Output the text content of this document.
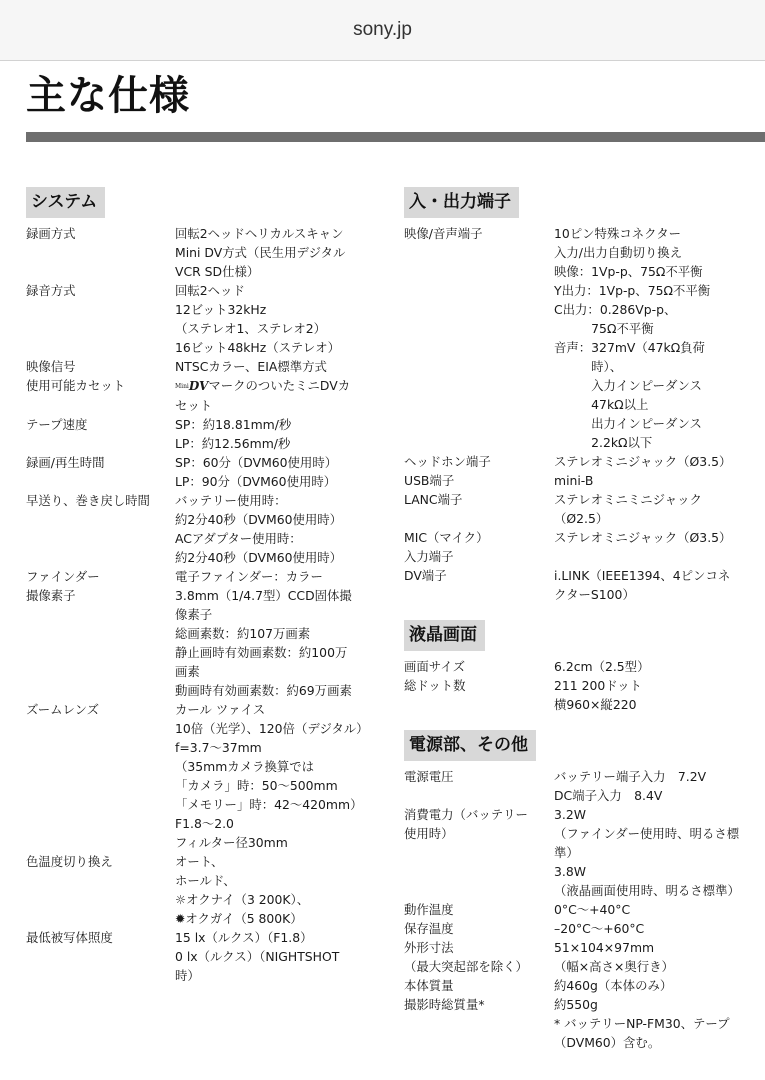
sony.jp
主な仕様
システム
録画方式	回転2ヘッドヘリカルスキャン
Mini DV方式（民生用デジタル
VCR SD仕様）
録音方式	回転2ヘッド
12ビット32kHz
（ステレオ1、ステレオ2）
16ビット48kHz（ステレオ）
映像信号	NTSCカラー、EIA標準方式
使用可能カセット	$^{Mini}$DVマークのついたミニDVカ
セット
テープ速度	SP：約18.81mm/秒
LP：約12.56mm/秒
録画/再生時間	SP：60分（DVM60使用時）
LP：90分（DVM60使用時）
早送り、巻き戻し時間	バッテリー使用時：
約2分40秒（DVM60使用時）
ACアダプター使用時：
約2分40秒（DVM60使用時）
ファインダー	電子ファインダー：カラー
撮像素子	3.8mm（1/4.7型）CCD固体撮
像素子
総画素数：約107万画素
静止画時有効画素数：約100万
画素
動画時有効画素数：約69万画素
ズームレンズ	カール ツァイス
10倍（光学）、120倍（デジタル）
f=3.7〜37mm
（35mmカメラ換算では
「カメラ」時：50〜500mm
「メモリー」時：42〜420mm）
F1.8〜2.0
フィルター径30mm
色温度切り換え	オート、
ホールド、
☼オクナイ（3 200K）、
✹オクガイ（5 800K）
最低被写体照度	15 lx（ルクス）（F1.8）
0 lx（ルクス）（NIGHTSHOT
時）
入・出力端子
映像/音声端子	10ピン特殊コネクター
入力/出力自動切り換え
映像：1Vp-p、75Ω不平衡
Y出力：1Vp-p、75Ω不平衡
C出力：0.286Vp-p、
　　　75Ω不平衡
音声：327mV（47kΩ負荷
　　　時）、
　　　入力インピーダンス
　　　47kΩ以上
　　　出力インピーダンス
　　　2.2kΩ以下
ヘッドホン端子	ステレオミニジャック（Ø3.5）
USB端子	mini-B
LANC端子	ステレオミニミニジャック
（Ø2.5）
MIC（マイク）	ステレオミニジャック（Ø3.5）
入力端子
DV端子	i.LINK（IEEE1394、4ピンコネ
クターS100）
液晶画面
画面サイズ	6.2cm（2.5型）
総ドット数	211 200ドット
横960×縦220
電源部、その他
電源電圧	バッテリー端子入力　7.2V
DC端子入力　8.4V
消費電力（バッテリー	3.2W
使用時）	（ファインダー使用時、明るさ標
準）
3.8W
（液晶画面使用時、明るさ標準）
動作温度	0°C〜+40°C
保存温度	–20°C〜+60°C
外形寸法	51×104×97mm
（最大突起部を除く）	（幅×高さ×奥行き）
本体質量	約460g（本体のみ）
撮影時総質量*	約550g
* バッテリーNP-FM30、テープ
（DVM60）含む。
